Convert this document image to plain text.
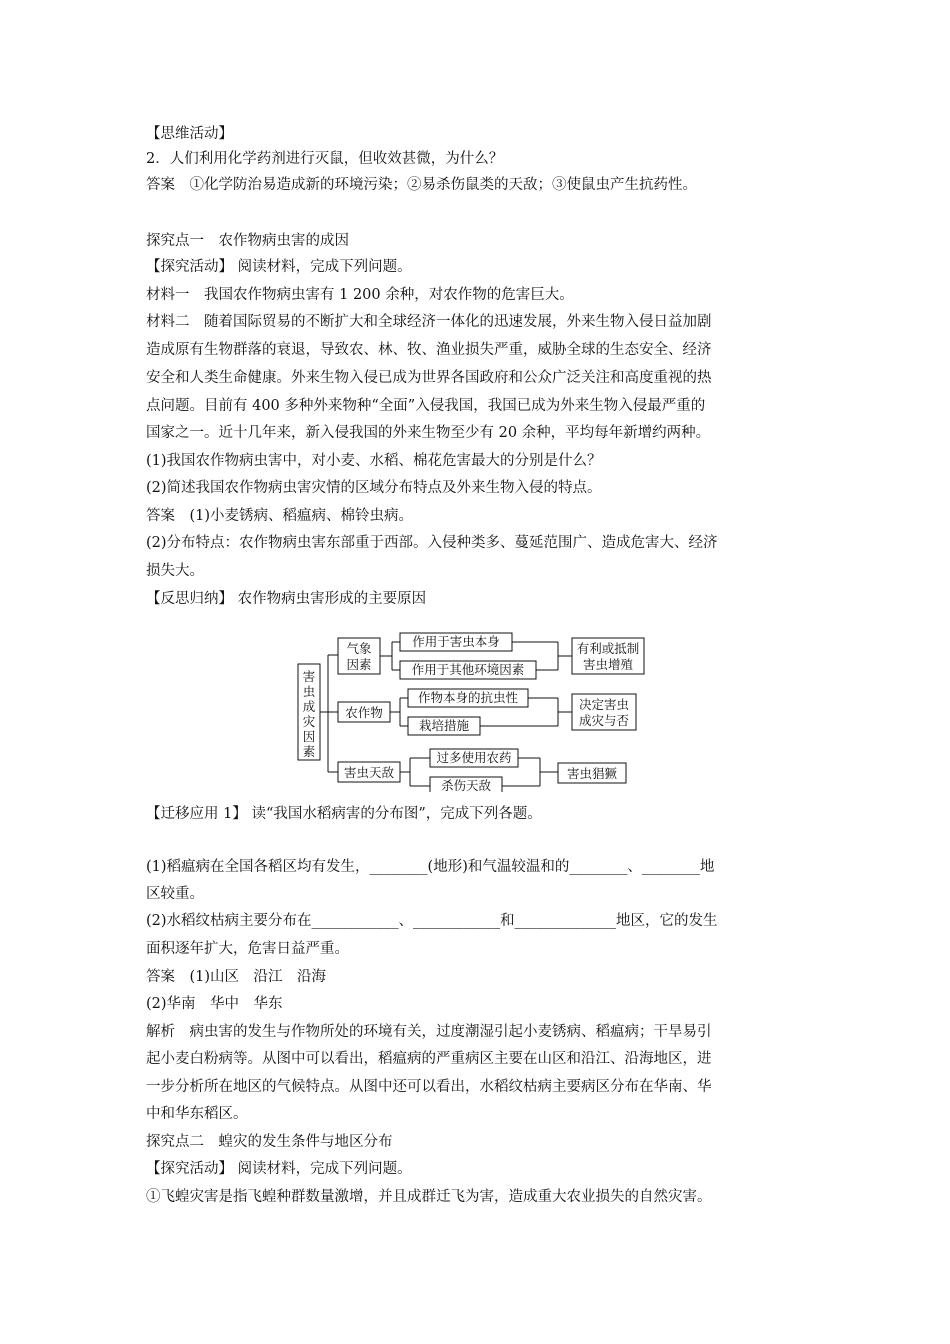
【思维活动】
2．人们利用化学药剂进行灭鼠，但收效甚微，为什么？
答案　①化学防治易造成新的环境污染；②易杀伤鼠类的天敌；③使鼠虫产生抗药性。
探究点一　农作物病虫害的成因
【探究活动】 阅读材料，完成下列问题。
材料一　我国农作物病虫害有 1 200 余种，对农作物的危害巨大。
材料二　随着国际贸易的不断扩大和全球经济一体化的迅速发展，外来生物入侵日益加剧
造成原有生物群落的衰退，导致农、林、牧、渔业损失严重，威胁全球的生态安全、经济
安全和人类生命健康。外来生物入侵已成为世界各国政府和公众广泛关注和高度重视的热
点问题。目前有 400 多种外来物种“全面”入侵我国，我国已成为外来生物入侵最严重的
国家之一。近十几年来，新入侵我国的外来生物至少有 20 余种，平均每年新增约两种。
(1)我国农作物病虫害中，对小麦、水稻、棉花危害最大的分别是什么？
(2)简述我国农作物病虫害灾情的区域分布特点及外来生物入侵的特点。
答案　(1)小麦锈病、稻瘟病、棉铃虫病。
(2)分布特点：农作物病虫害东部重于西部。入侵种类多、蔓延范围广、造成危害大、经济
损失大。
【反思归纳】 农作物病虫害形成的主要原因
【迁移应用 1】 读“我国水稻病害的分布图”，完成下列各题。
(1)稻瘟病在全国各稻区均有发生，________(地形)和气温较温和的________、________地
区较重。
(2)水稻纹枯病主要分布在____________、____________和______________地区，它的发生
面积逐年扩大，危害日益严重。
答案　(1)山区　沿江　沿海
(2)华南　华中　华东
解析　病虫害的发生与作物所处的环境有关，过度潮湿引起小麦锈病、稻瘟病；干旱易引
起小麦白粉病等。从图中可以看出，稻瘟病的严重病区主要在山区和沿江、沿海地区，进
一步分析所在地区的气候特点。从图中还可以看出，水稻纹枯病主要病区分布在华南、华
中和华东稻区。
探究点二　蝗灾的发生条件与地区分布
【探究活动】 阅读材料，完成下列问题。
①飞蝗灾害是指飞蝗种群数量激增，并且成群迁飞为害，造成重大农业损失的自然灾害。
害
虫
成
灾
因
素
气象
因素
农作物
害虫天敌
作用于害虫本身
作用于其他环境因素
作物本身的抗虫性
栽培措施
过多使用农药
杀伤天敌
有利或抵制
害虫增殖
决定害虫
成灾与否
害虫猖獗
